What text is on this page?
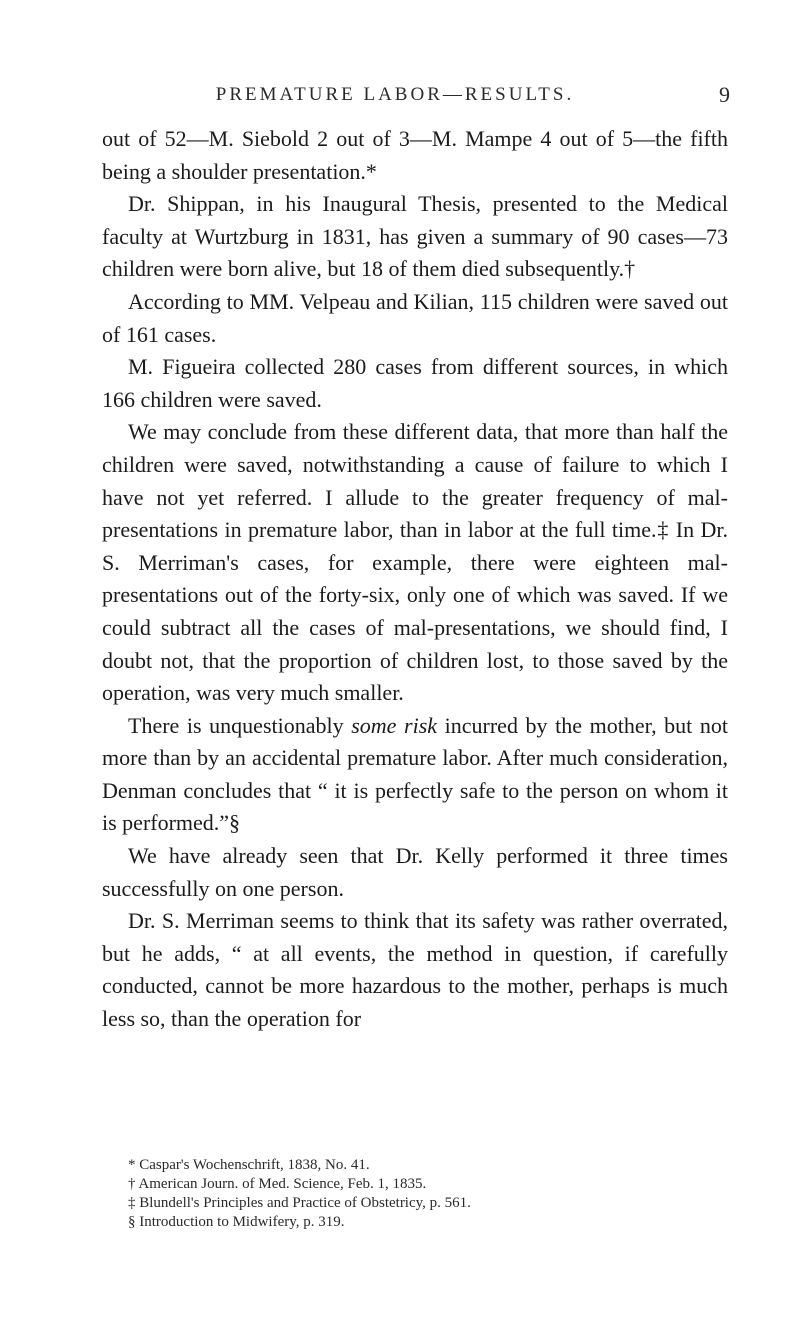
PREMATURE LABOR—RESULTS.	9

out of 52—M. Siebold 2 out of 3—M. Mampe 4 out of 5—the fifth being a shoulder presentation.*

Dr. Shippan, in his Inaugural Thesis, presented to the Medical faculty at Wurtzburg in 1831, has given a summary of 90 cases—73 children were born alive, but 18 of them died subsequently.†

According to MM. Velpeau and Kilian, 115 children were saved out of 161 cases.

M. Figueira collected 280 cases from different sources, in which 166 children were saved.

We may conclude from these different data, that more than half the children were saved, notwithstanding a cause of failure to which I have not yet referred. I allude to the greater frequency of mal-presentations in premature labor, than in labor at the full time.‡ In Dr. S. Merriman's cases, for example, there were eighteen mal-presentations out of the forty-six, only one of which was saved. If we could subtract all the cases of mal-presentations, we should find, I doubt not, that the proportion of children lost, to those saved by the operation, was very much smaller.

There is unquestionably some risk incurred by the mother, but not more than by an accidental premature labor. After much consideration, Denman concludes that “ it is perfectly safe to the person on whom it is performed.”§

We have already seen that Dr. Kelly performed it three times successfully on one person.

Dr. S. Merriman seems to think that its safety was rather overrated, but he adds, “ at all events, the method in question, if carefully conducted, cannot be more hazardous to the mother, perhaps is much less so, than the operation for

* Caspar's Wochenschrift, 1838, No. 41.

† American Journ. of Med. Science, Feb. 1, 1835.

‡ Blundell's Principles and Practice of Obstetricy, p. 561.

§ Introduction to Midwifery, p. 319.
